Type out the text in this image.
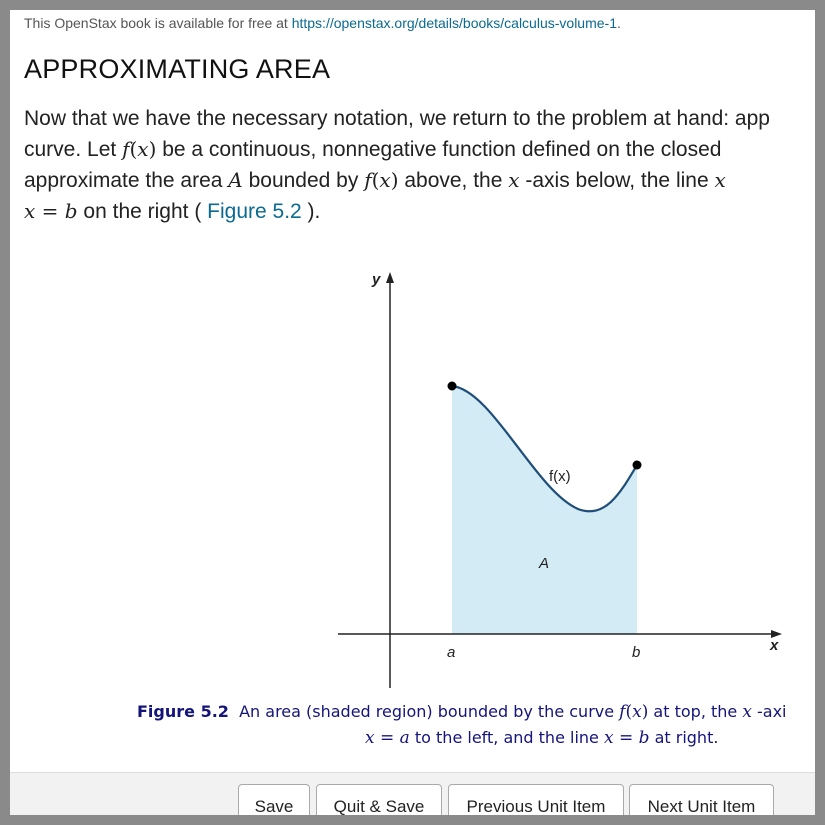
This OpenStax book is available for free at https://openstax.org/details/books/calculus-volume-1.
APPROXIMATING AREA
Now that we have the necessary notation, we return to the problem at hand: app
curve. Let f(x) be a continuous, nonnegative function defined on the closed
approximate the area A bounded by f(x) above, the x -axis below, the line x
x = b on the right ( Figure 5.2 ).
y
x
f(x)
A
a	b
Figure 5.2 An area (shaded region) bounded by the curve f(x) at top, the x -axi
x = a to the left, and the line x = b at right.
Save	Quit & Save	Previous Unit Item	Next Unit Item
